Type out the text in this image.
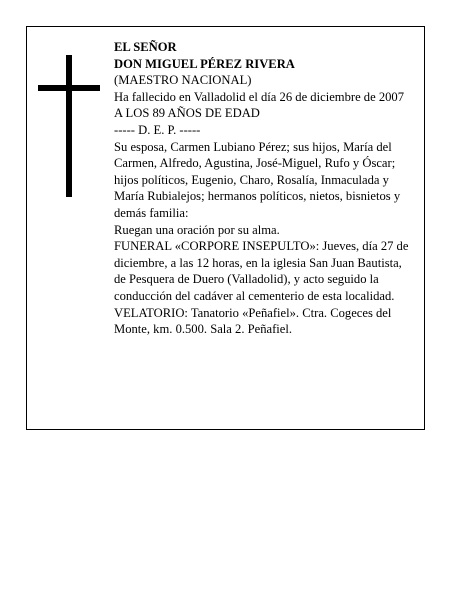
EL SEÑOR

DON MIGUEL PÉREZ RIVERA

(MAESTRO NACIONAL)

Ha fallecido en Valladolid el día 26 de diciembre de 2007

A LOS 89 AÑOS DE EDAD

----- D. E. P. -----

Su esposa, Carmen Lubiano Pérez; sus hijos, María del Carmen, Alfredo, Agustina, José-Miguel, Rufo y Óscar; hijos políticos, Eugenio, Charo, Rosalía, Inmaculada y María Rubialejos; hermanos políticos, nietos, bisnietos y demás familia:

Ruegan una oración por su alma.

FUNERAL «CORPORE INSEPULTO»: Jueves, día 27 de diciembre, a las 12 horas, en la iglesia San Juan Bautista, de Pesquera de Duero (Valladolid), y acto seguido la conducción del cadáver al cementerio de esta localidad.

VELATORIO: Tanatorio «Peñafiel». Ctra. Cogeces del Monte, km. 0.500. Sala 2. Peñafiel.
